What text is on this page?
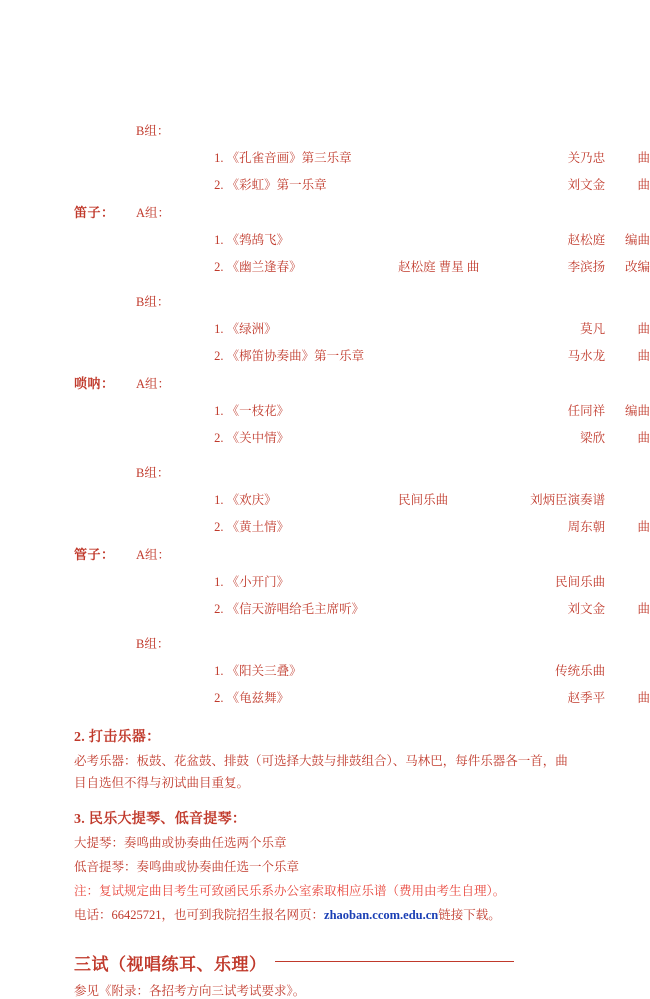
B组：
1. 《孔雀音画》第三乐章	关乃忠	曲
2. 《彩虹》第一乐章	刘文金	曲
笛子：	A组：
1. 《鹁鸪飞》	赵松庭	编曲
2. 《幽兰逢春》	赵松庭 曹星 曲	李滨扬	改编
B组：
1. 《绿洲》	莫凡	曲
2. 《梆笛协奏曲》第一乐章	马水龙	曲
唢呐：	A组：
1. 《一枝花》	任同祥	编曲
2. 《关中情》	梁欣	曲
B组：
1. 《欢庆》	民间乐曲	刘炳臣演奏谱
2. 《黄土情》	周东朝	曲
管子：	A组：
1. 《小开门》	民间乐曲
2. 《信天游唱给毛主席听》	刘文金	曲
B组：
1. 《阳关三叠》	传统乐曲
2. 《龟兹舞》	赵季平	曲
2. 打击乐器：

必考乐器：板鼓、花盆鼓、排鼓（可选择大鼓与排鼓组合）、马林巴，每件乐器各一首，曲目自选但不得与初试曲目重复。

3. 民乐大提琴、低音提琴：

大提琴：奏鸣曲或协奏曲任选两个乐章

低音提琴：奏鸣曲或协奏曲任选一个乐章

注：复试规定曲目考生可致函民乐系办公室索取相应乐谱（费用由考生自理）。

电话：66425721，也可到我院招生报名网页：zhaoban.ccom.edu.cn链接下载。

三试（视唱练耳、乐理）
参见《附录：各招考方向三试考试要求》。
